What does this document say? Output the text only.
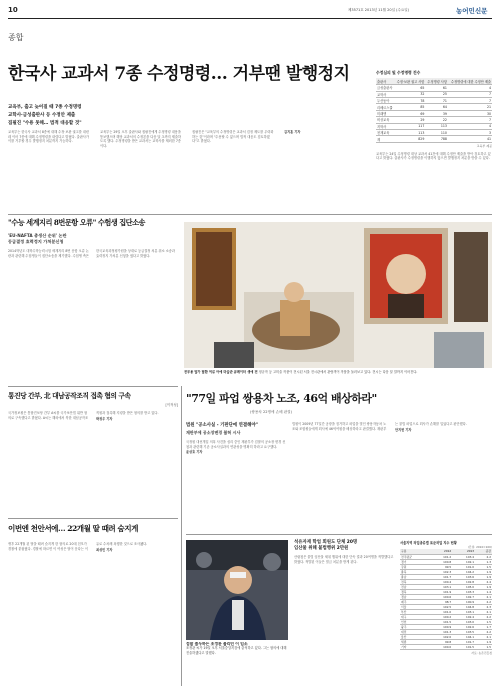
10	제3571호 2013년 11월 20일 (수요일)	농어민신문
종합
한국사 교과서 7종 수정명령… 거부땐 발행정지
교육부, 출고 늦어질 때 7종 수정명령
교학사·금성출판사 등 수정안 제출
집필진 "수용 못해… 법적 대응할 것"

교육부는 한국사 교과서 8종에 대해 수정·보완 권고를 내린 데 이어 7종에 대해 수정명령을 내렸다고 밝혔다. 출판사가 이를 거부할 경우 발행정지 처분까지 가능하다.

교육부는 29일 오후 출판사와 집필진에게 수정명령 내용을 통보했으며 해당 교과서의 수정본을 다음 달 초까지 제출하도록 했다. 수정명령을 받은 교과서는 교학사를 제외한 7종이다.

집필진은 "교육부의 수정명령은 교과서 검정 제도를 무력화하는 것"이라며 "수용할 수 없으며 법적 대응도 검토하겠다"고 밝혔다.

김지훈 기자

수정심의 및 수정명령 건수
출판사	수정·보완 권고 사항	수정명령 사항	수정명령에 대한 수정안 제출
금성출판사	65	61	4
교학사	32	25	7
두산동아	78	71	7
리베르스쿨	85	64	21
미래엔	69	39	30
비상교육	29	22	7
지학사	117	113	4
천재교육	113	110	3
계	829	788	41
교육부 제공
교육부는 24일 수정명령 대상 교과서 41건에 대해 수정안 제출을 받아 검토하고 있다고 밝혔다. 출판사가 수정명령을 이행하지 않으면 발행정지 처분을 받을 수 있다.
"수능 세계지리 8번문항 오류" 수험생 집단소송
'EU-NAFTA 총생산 순위' 논란
등급결정 효력정지 가처분신청
2014학년도 대학수학능력시험 세계지리 8번 문항 오류 논란과 관련해 수험생들이 집단소송을 제기했다. 수험생 측은 한국교육과정평가원을 상대로 등급결정 처분 취소 소송과 효력정지 가처분 신청을 냈다고 밝혔다.
전투용 말가 탈환 여류 아에 미술관 큐레이터 생애 전 정규작 등 고미술 작품이 전시된 서울 전시관에서 관람객이 작품을 둘러보고 있다. 전시는 다음 달 말까지 이어진다.
통진당 간부, 北 대남공작조직 접촉 혐의 구속
[이적성]

국가정보원은 통합진보당 간부 A씨를 국가보안법 위반 혐의로 구속했다고 밝혔다. A씨는 해외에서 북한 대남공작조직원과 접촉해 지령을 받은 혐의를 받고 있다.

박정우 기자

이번엔 천안서에… 22개월 딸 때려 숨지게

생후 22개월 된 딸을 때려 숨지게 한 혐의로 20대 친모가 경찰에 붙잡혔다. 경찰에 따르면 이 여성은 딸이 운다는 이유로 수차례 폭행한 것으로 조사됐다.

최성민 기자

"77일 파업 쌍용차 노조, 46억 배상하라"
(쌍용차 22명에 손배 판결)
법원 "공소사실 - 기판단에 연결해야"
재판부에 공소장변경 불허 시사

국정원 대선개입 의혹 사건을 심리 중인 재판부가 검찰의 공소장 변경 신청과 관련해 기존 공소사실과의 연관성을 명확히 하라고 요구했다.

윤상호 기자

법원이 2009년 77일간 공장을 점거하고 파업을 벌인 쌍용자동차 노조와 조합원들에게 회사에 46억여원을 배상하라고 판결했다. 재판부는 불법 파업으로 회사가 손해를 입었다고 판단했다.

안지현 기자

검찰 출두하는 조정관 블리던 이 임소
조정관 씨가 19일 오후 서울중앙지검에 출석하고 있다. 그는 혐의에 대해 진술하겠다고 말했다.
석유자재 학업 회원도 단체 20명
임산물 위해 불법행위 2만원
산림청은 불법 임산물 채취 행위에 대한 단속 결과 20여명을 적발했다고 밝혔다. 적발된 이들은 벌금 처분을 받게 된다.
서울지역 작업종류별 표준작업 지수 현황
(단위: 2010=100)
구분	2012	2013	증감
전국평균	101.2	103.4	2.2
경기	100.8	102.1	1.3
강원	99.5	101.0	1.5
충북	102.3	104.2	1.9
충남	101.7	103.6	1.9
전북	100.4	102.8	2.4
전남	103.1	105.0	1.9
경북	101.9	103.3	1.4
경남	100.6	102.7	2.1
제주	98.7	100.9	2.2
서울	102.5	104.8	2.3
부산	101.0	103.1	2.1
대구	100.2	102.4	2.2
인천	101.5	103.0	1.5
광주	100.9	102.6	1.7
대전	101.3	103.5	2.2
울산	102.0	104.1	2.1
세종	99.8	101.7	1.9
기타	100.0	101.5	1.5
자료: 농촌진흥청
